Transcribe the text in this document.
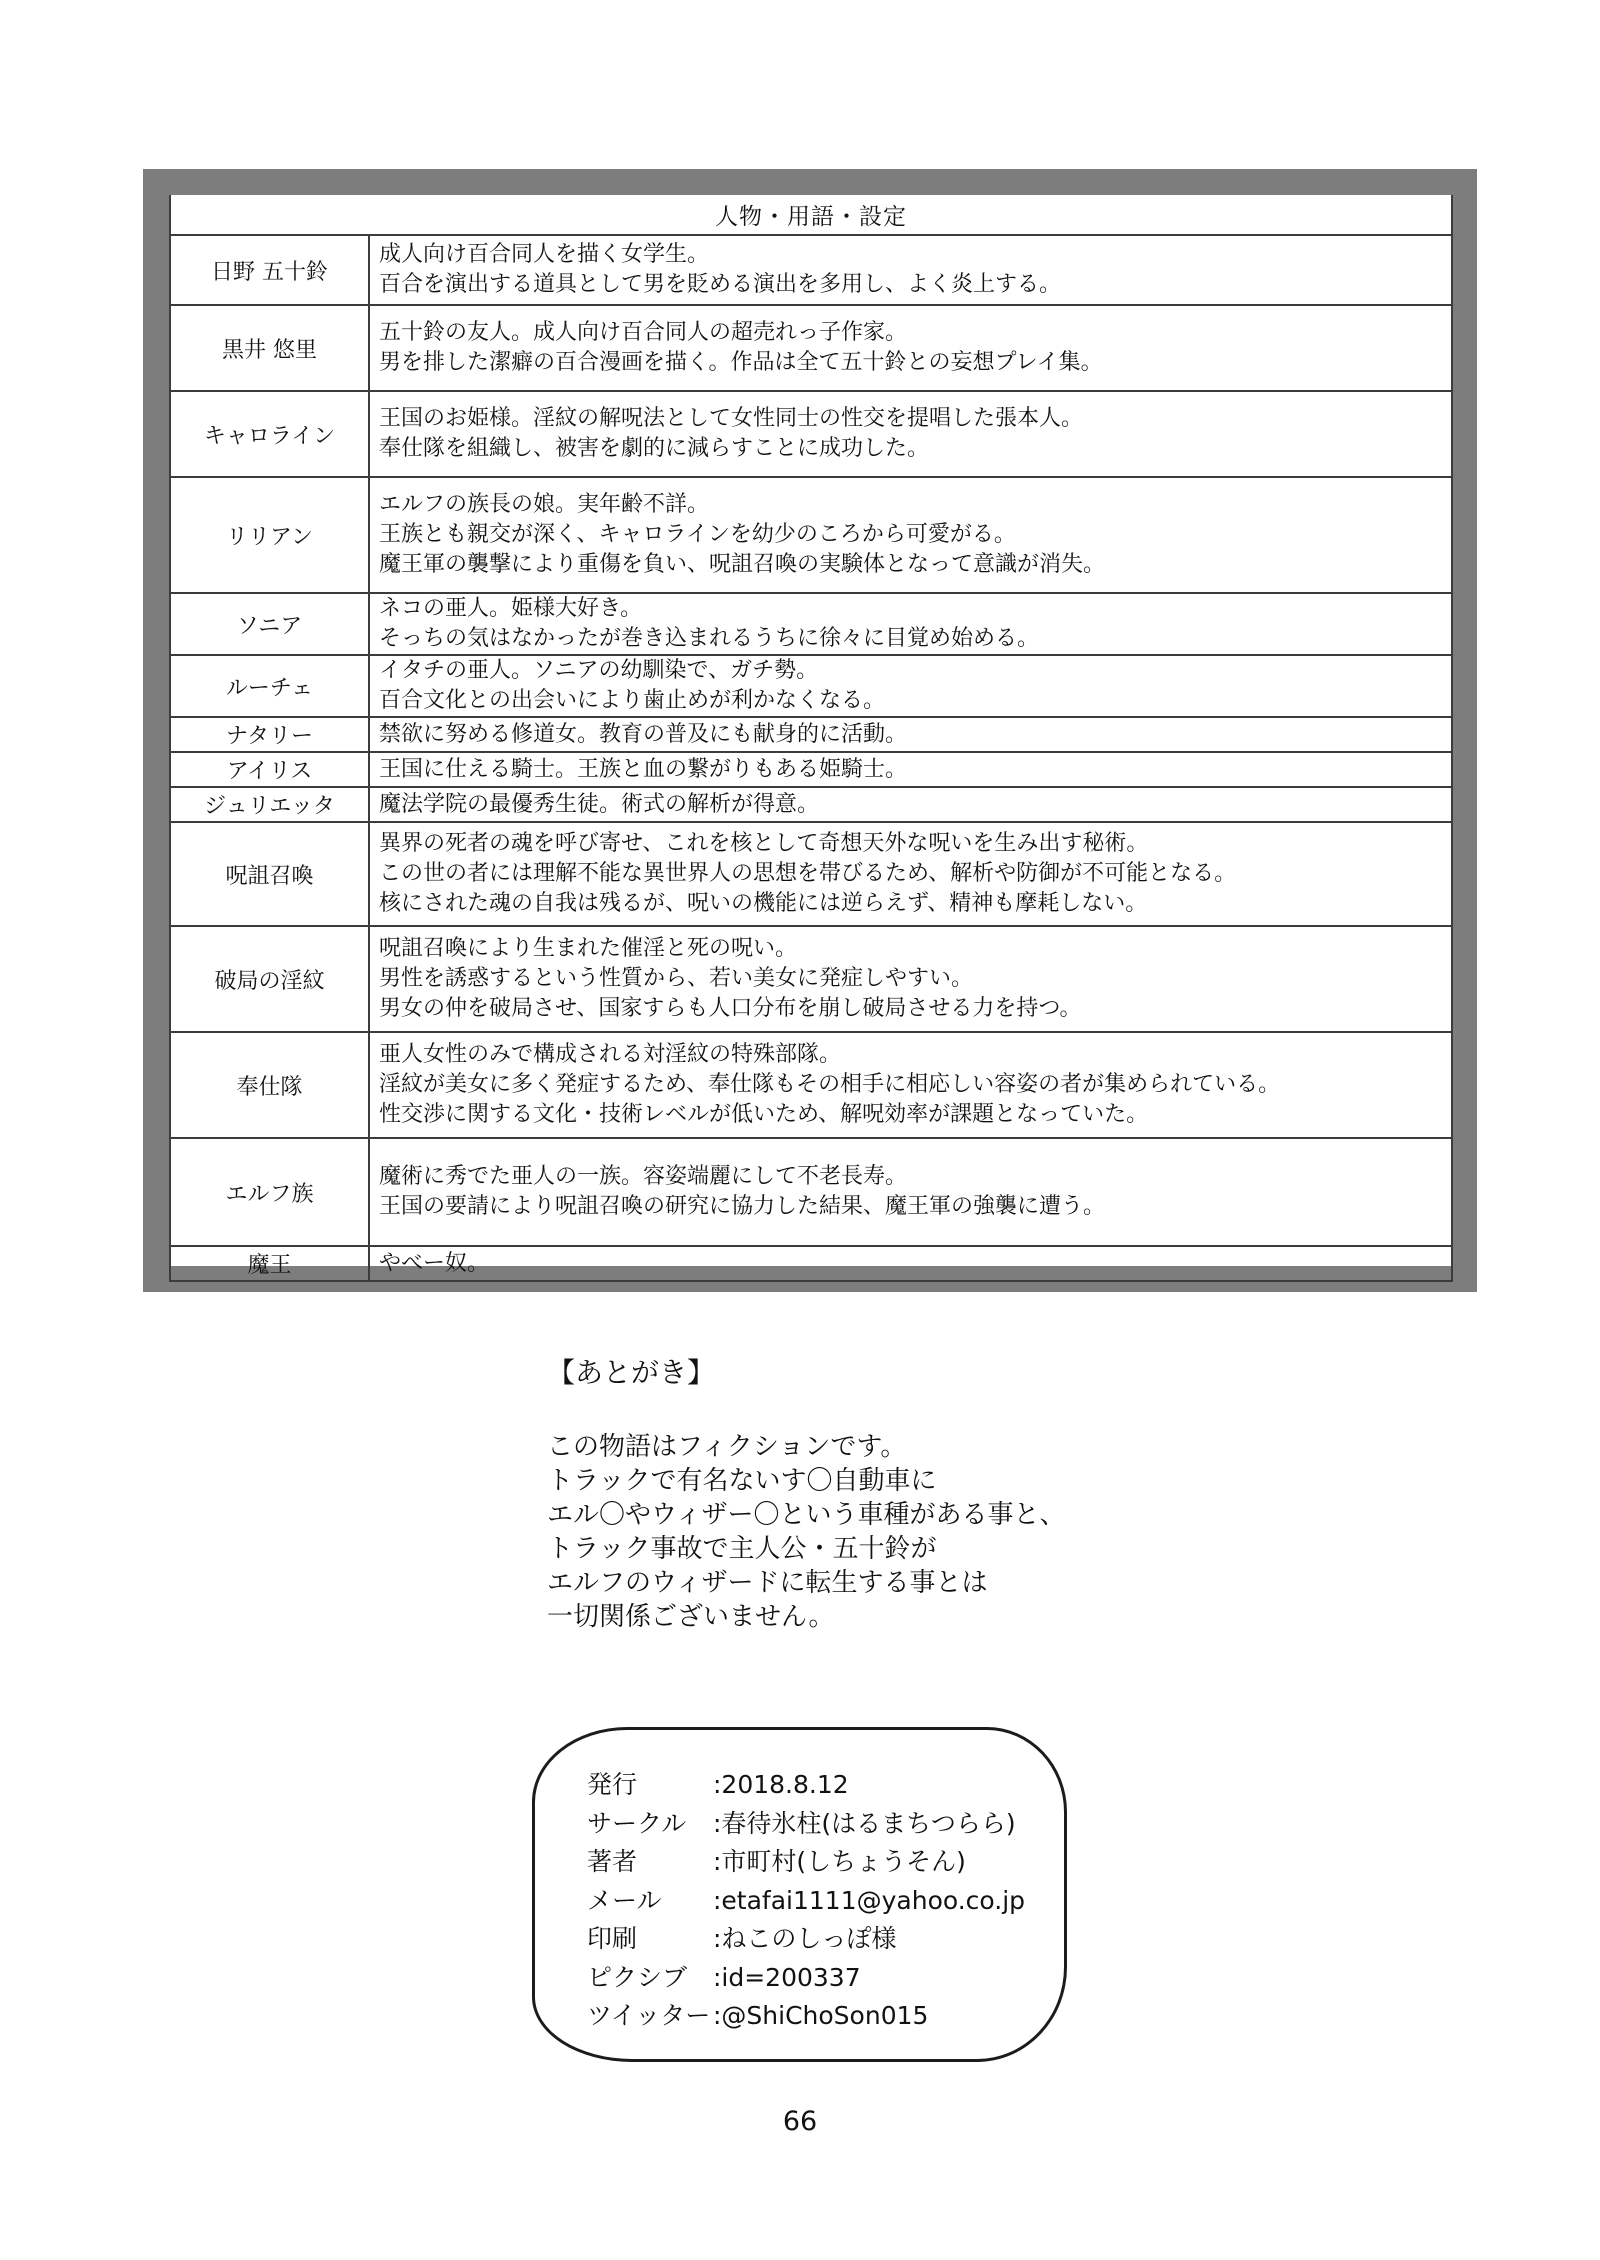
人物・用語・設定	
日野 五十鈴	成人向け百合同人を描く女学生。
百合を演出する道具として男を貶める演出を多用し、よく炎上する。

黒井 悠里	五十鈴の友人。成人向け百合同人の超売れっ子作家。
男を排した潔癖の百合漫画を描く。作品は全て五十鈴との妄想プレイ集。

キャロライン	王国のお姫様。淫紋の解呪法として女性同士の性交を提唱した張本人。
奉仕隊を組織し、被害を劇的に減らすことに成功した。

リリアン	エルフの族長の娘。実年齢不詳。
王族とも親交が深く、キャロラインを幼少のころから可愛がる。
魔王軍の襲撃により重傷を負い、呪詛召喚の実験体となって意識が消失。

ソニア	ネコの亜人。姫様大好き。
そっちの気はなかったが巻き込まれるうちに徐々に目覚め始める。

ルーチェ	イタチの亜人。ソニアの幼馴染で、ガチ勢。
百合文化との出会いにより歯止めが利かなくなる。

ナタリー	禁欲に努める修道女。教育の普及にも献身的に活動。

アイリス	王国に仕える騎士。王族と血の繋がりもある姫騎士。

ジュリエッタ	魔法学院の最優秀生徒。術式の解析が得意。

呪詛召喚	異界の死者の魂を呼び寄せ、これを核として奇想天外な呪いを生み出す秘術。
この世の者には理解不能な異世界人の思想を帯びるため、解析や防御が不可能となる。
核にされた魂の自我は残るが、呪いの機能には逆らえず、精神も摩耗しない。

破局の淫紋	呪詛召喚により生まれた催淫と死の呪い。
男性を誘惑するという性質から、若い美女に発症しやすい。
男女の仲を破局させ、国家すらも人口分布を崩し破局させる力を持つ。

奉仕隊	亜人女性のみで構成される対淫紋の特殊部隊。
淫紋が美女に多く発症するため、奉仕隊もその相手に相応しい容姿の者が集められている。
性交渉に関する文化・技術レベルが低いため、解呪効率が課題となっていた。

エルフ族	魔術に秀でた亜人の一族。容姿端麗にして不老長寿。
王国の要請により呪詛召喚の研究に協力した結果、魔王軍の強襲に遭う。

魔王	やべー奴。
【あとがき】
この物語はフィクションです。
トラックで有名ないす〇自動車に
エル〇やウィザー〇という車種がある事と、
トラック事故で主人公・五十鈴が
エルフのウィザードに転生する事とは
一切関係ございません。
発行	:2018.8.12
サークル	:春待氷柱(はるまちつらら)
著者	:市町村(しちょうそん)
メール	:etafai1111@yahoo.co.jp
印刷	:ねこのしっぽ様
ピクシブ	:id=200337
ツイッター :@ShiChoSon015
66
